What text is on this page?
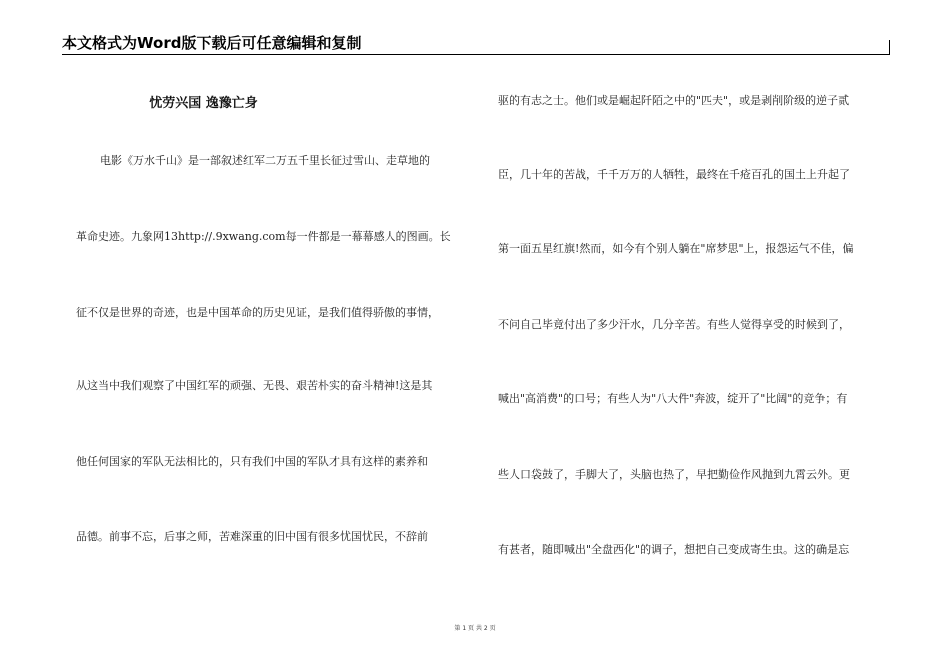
本文格式为Word版下载后可任意编辑和复制
忧劳兴国 逸豫亡身
电影《万水千山》是一部叙述红军二万五千里长征过雪山、走草地的
革命史迹。九象网13http://.9xwang.com每一件都是一幕幕感人的图画。长
征不仅是世界的奇迹，也是中国革命的历史见证，是我们值得骄傲的事情，
从这当中我们观察了中国红军的顽强、无畏、艰苦朴实的奋斗精神!这是其
他任何国家的军队无法相比的，只有我们中国的军队才具有这样的素养和
品德。前事不忘，后事之师，苦难深重的旧中国有很多忧国忧民，不辞前
驱的有志之士。他们或是崛起阡陌之中的"匹夫"，或是剥削阶级的逆子贰
臣，几十年的苦战，千千万万的人牺牲，最终在千疮百孔的国土上升起了
第一面五星红旗!然而，如今有个别人躺在"席梦思"上，报怨运气不佳，偏
不问自己毕竟付出了多少汗水，几分辛苦。有些人觉得享受的时候到了，
喊出"高消费"的口号；有些人为"八大件"奔波，绽开了"比阔"的竞争；有
些人口袋鼓了，手脚大了，头脑也热了，早把勤俭作风抛到九霄云外。更
有甚者，随即喊出"全盘西化"的调子，想把自己变成寄生虫。这的确是忘
第 1 页 共 2 页
